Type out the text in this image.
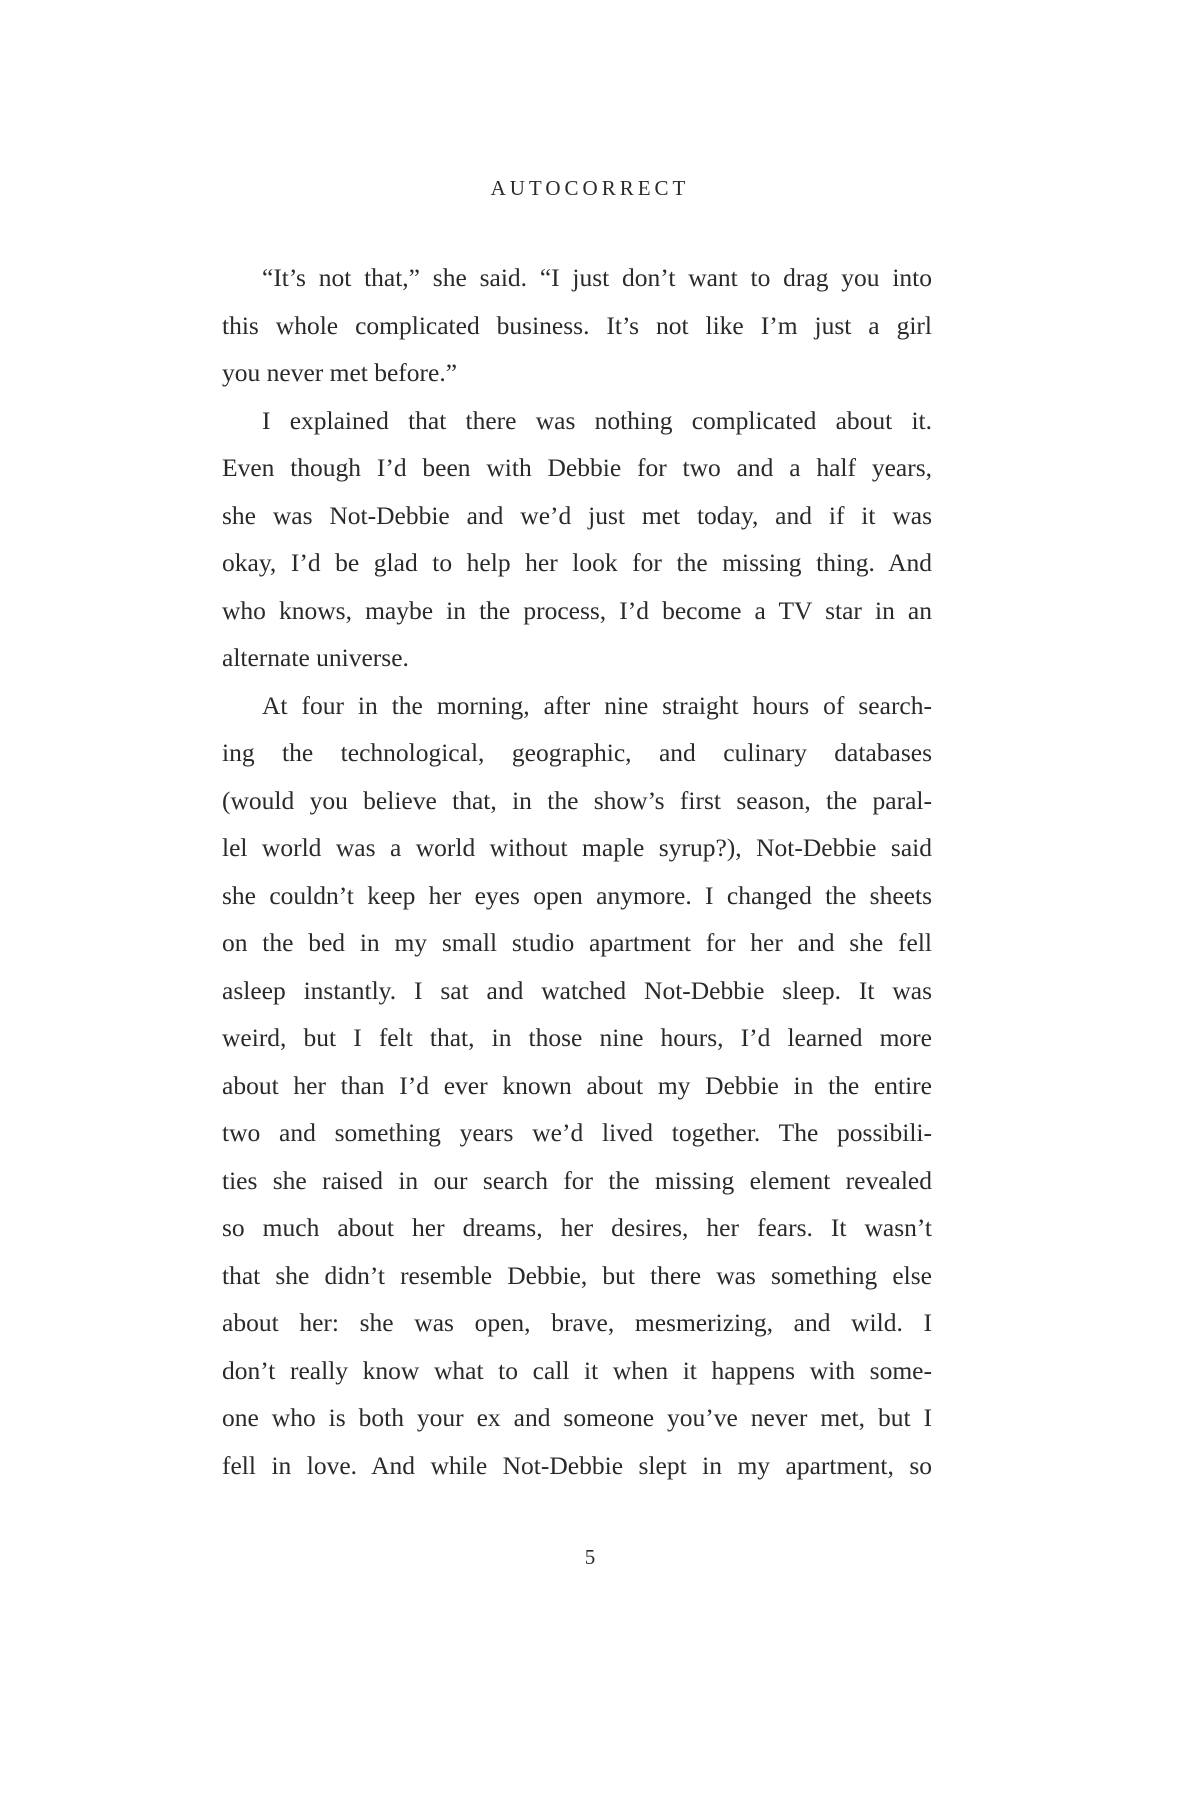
AUTOCORRECT
“It’s not that,” she said. “I just don’t want to drag you into
this whole complicated business. It’s not like I’m just a girl
you never met before.”
I explained that there was nothing complicated about it.
Even though I’d been with Debbie for two and a half years,
she was Not-Debbie and we’d just met today, and if it was
okay, I’d be glad to help her look for the missing thing. And
who knows, maybe in the process, I’d become a TV star in an
alternate universe.
At four in the morning, after nine straight hours of search-
ing the technological, geographic, and culinary databases
(would you believe that, in the show’s first season, the paral-
lel world was a world without maple syrup?), Not-Debbie said
she couldn’t keep her eyes open anymore. I changed the sheets
on the bed in my small studio apartment for her and she fell
asleep instantly. I sat and watched Not-Debbie sleep. It was
weird, but I felt that, in those nine hours, I’d learned more
about her than I’d ever known about my Debbie in the entire
two and something years we’d lived together. The possibili-
ties she raised in our search for the missing element revealed
so much about her dreams, her desires, her fears. It wasn’t
that she didn’t resemble Debbie, but there was something else
about her: she was open, brave, mesmerizing, and wild. I
don’t really know what to call it when it happens with some-
one who is both your ex and someone you’ve never met, but I
fell in love. And while Not-Debbie slept in my apartment, so
5
